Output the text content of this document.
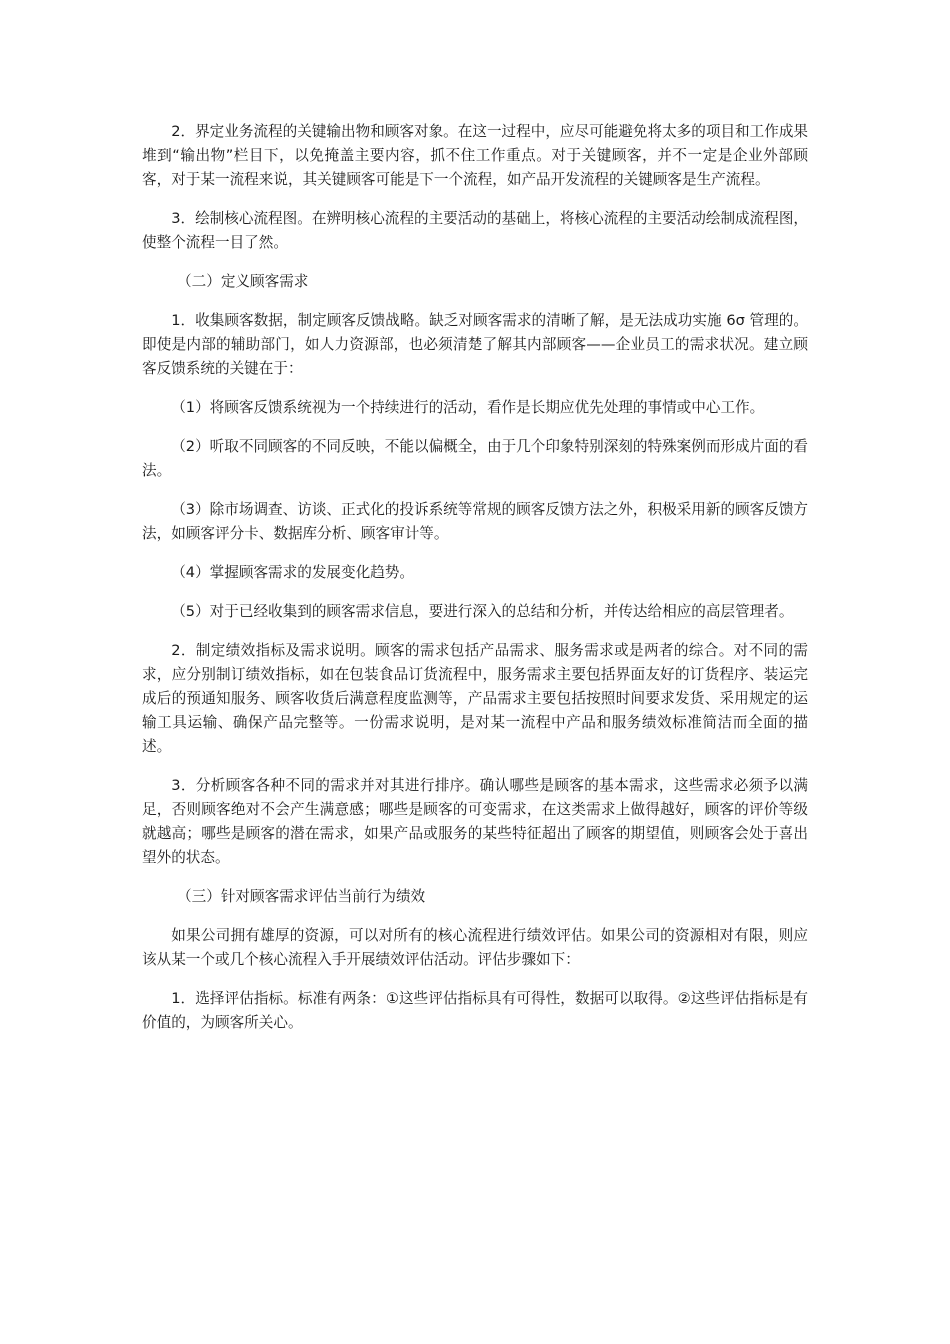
2．界定业务流程的关键输出物和顾客对象。在这一过程中，应尽可能避免将太多的项目和工作成果堆到“输出物”栏目下，以免掩盖主要内容，抓不住工作重点。对于关键顾客，并不一定是企业外部顾客，对于某一流程来说，其关键顾客可能是下一个流程，如产品开发流程的关键顾客是生产流程。

3．绘制核心流程图。在辨明核心流程的主要活动的基础上，将核心流程的主要活动绘制成流程图，使整个流程一目了然。

（二）定义顾客需求

1．收集顾客数据，制定顾客反馈战略。缺乏对顾客需求的清晰了解，是无法成功实施 6σ 管理的。即使是内部的辅助部门，如人力资源部，也必须清楚了解其内部顾客——企业员工的需求状况。建立顾客反馈系统的关键在于：

（1）将顾客反馈系统视为一个持续进行的活动，看作是长期应优先处理的事情或中心工作。

（2）听取不同顾客的不同反映，不能以偏概全，由于几个印象特别深刻的特殊案例而形成片面的看法。

（3）除市场调查、访谈、正式化的投诉系统等常规的顾客反馈方法之外，积极采用新的顾客反馈方法，如顾客评分卡、数据库分析、顾客审计等。

（4）掌握顾客需求的发展变化趋势。

（5）对于已经收集到的顾客需求信息，要进行深入的总结和分析，并传达给相应的高层管理者。

2．制定绩效指标及需求说明。顾客的需求包括产品需求、服务需求或是两者的综合。对不同的需求，应分别制订绩效指标，如在包装食品订货流程中，服务需求主要包括界面友好的订货程序、装运完成后的预通知服务、顾客收货后满意程度监测等，产品需求主要包括按照时间要求发货、采用规定的运输工具运输、确保产品完整等。一份需求说明，是对某一流程中产品和服务绩效标准简洁而全面的描述。

3．分析顾客各种不同的需求并对其进行排序。确认哪些是顾客的基本需求，这些需求必须予以满足，否则顾客绝对不会产生满意感；哪些是顾客的可变需求，在这类需求上做得越好，顾客的评价等级就越高；哪些是顾客的潜在需求，如果产品或服务的某些特征超出了顾客的期望值，则顾客会处于喜出望外的状态。

（三）针对顾客需求评估当前行为绩效

如果公司拥有雄厚的资源，可以对所有的核心流程进行绩效评估。如果公司的资源相对有限，则应该从某一个或几个核心流程入手开展绩效评估活动。评估步骤如下：

1．选择评估指标。标准有两条：①这些评估指标具有可得性，数据可以取得。②这些评估指标是有价值的，为顾客所关心。
